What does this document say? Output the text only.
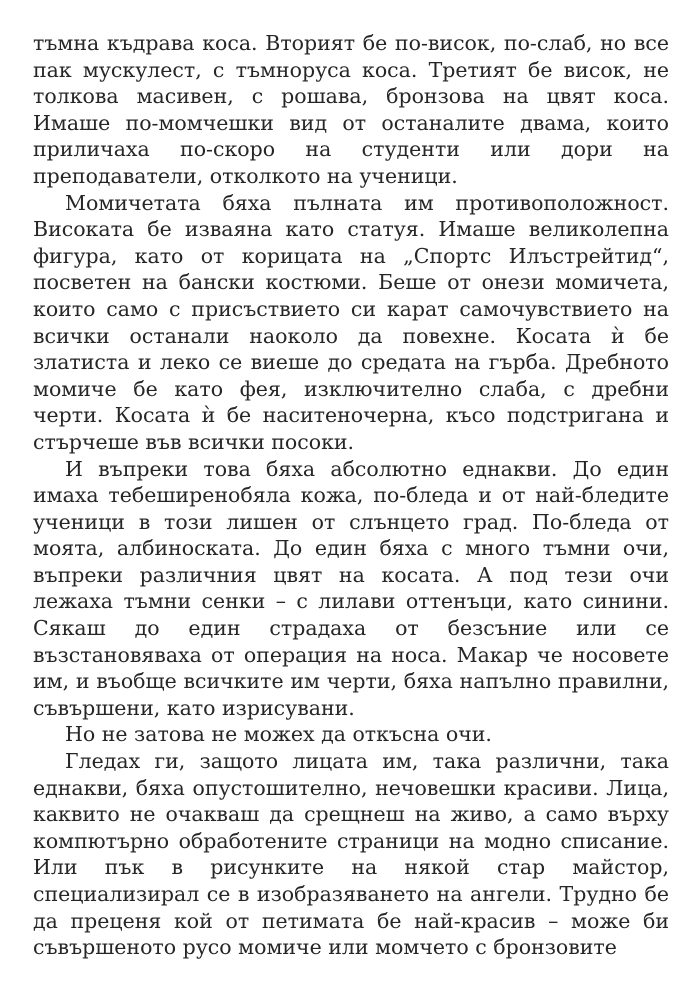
тъмна къдрава коса. Вторият бе по-висок, по-слаб, но все пак мускулест, с тъмноруса коса. Третият бе висок, не толкова масивен, с рошава, бронзова на цвят коса. Имаше по-момчешки вид от останалите двама, които приличаха по-скоро на студенти или дори на преподаватели, отколкото на ученици.

Момичетата бяха пълната им противоположност. Високата бе изваяна като статуя. Имаше великолепна фигура, като от корицата на „Спортс Илъстрейтид“, посветен на бански костюми. Беше от онези момичета, които само с присъствието си карат самочувствието на всички останали наоколо да повехне. Косата ѝ бе златиста и леко се виеше до средата на гърба. Дребното момиче бе като фея, изключително слаба, с дребни черти. Косата ѝ бе наситеночерна, късо подстригана и стърчеше във всички посоки.

И въпреки това бяха абсолютно еднакви. До един имаха тебеширенобяла кожа, по-бледа и от най-бледите ученици в този лишен от слънцето град. По-бледа от моята, албиноската. До един бяха с много тъмни очи, въпреки различния цвят на косата. А под тези очи лежаха тъмни сенки – с лилави оттенъци, като синини. Сякаш до един страдаха от безсъние или се възстановяваха от операция на носа. Макар че носовете им, и въобще всичките им черти, бяха напълно правилни, съвършени, като изрисувани.

Но не затова не можех да откъсна очи.

Гледах ги, защото лицата им, така различни, така еднакви, бяха опустошително, нечовешки красиви. Лица, каквито не очакваш да срещнеш на живо, а само върху компютърно обработените страници на модно списание. Или пък в рисунките на някой стар майстор, специализирал се в изобразяването на ангели. Трудно бе да преценя кой от петимата бе най-красив – може би съвършеното русо момиче или момчето с бронзовите
